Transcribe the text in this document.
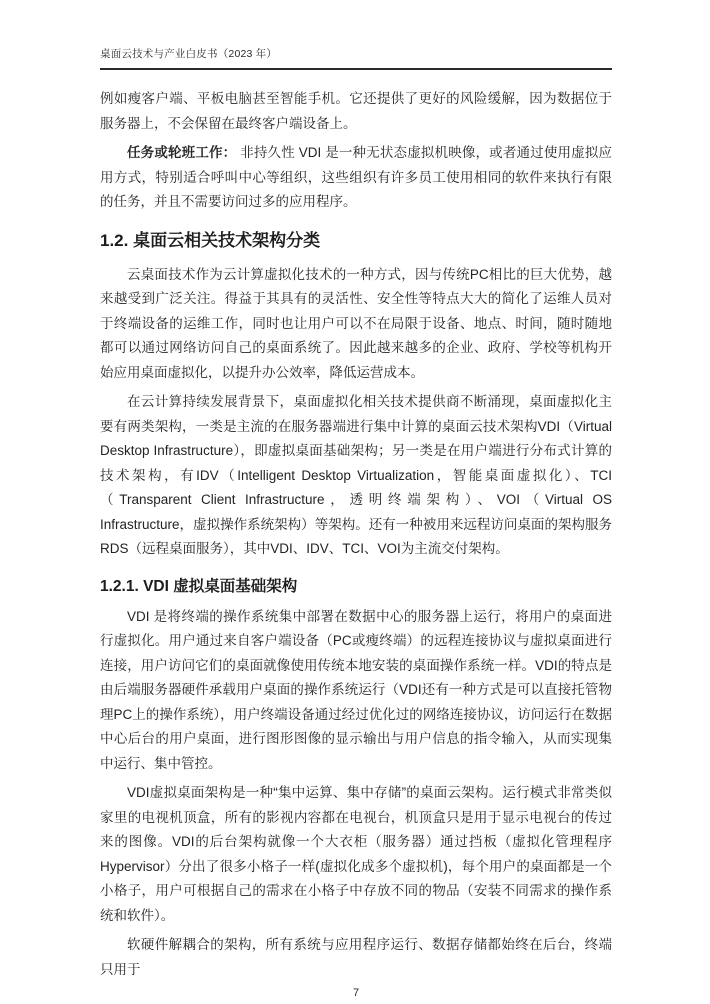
桌面云技术与产业白皮书（2023 年）

例如瘦客户端、平板电脑甚至智能手机。它还提供了更好的风险缓解，因为数据位于服务器上，不会保留在最终客户端设备上。

任务或轮班工作： 非持久性 VDI 是一种无状态虚拟机映像，或者通过使用虚拟应用方式，特别适合呼叫中心等组织，这些组织有许多员工使用相同的软件来执行有限的任务，并且不需要访问过多的应用程序。

1.2. 桌面云相关技术架构分类

云桌面技术作为云计算虚拟化技术的一种方式，因与传统PC相比的巨大优势，越来越受到广泛关注。得益于其具有的灵活性、安全性等特点大大的简化了运维人员对于终端设备的运维工作，同时也让用户可以不在局限于设备、地点、时间，随时随地都可以通过网络访问自己的桌面系统了。因此越来越多的企业、政府、学校等机构开始应用桌面虚拟化，以提升办公效率，降低运营成本。

在云计算持续发展背景下，桌面虚拟化相关技术提供商不断涌现，桌面虚拟化主要有两类架构，一类是主流的在服务器端进行集中计算的桌面云技术架构VDI（Virtual Desktop Infrastructure），即虚拟桌面基础架构；另一类是在用户端进行分布式计算的技术架构，有IDV（Intelligent Desktop Virtualization，智能桌面虚拟化）、TCI（Transparent Client Infrastructure，透明终端架构）、VOI（Virtual OS Infrastructure，虚拟操作系统架构）等架构。还有一种被用来远程访问桌面的架构服务RDS（远程桌面服务），其中VDI、IDV、TCI、VOI为主流交付架构。

1.2.1. VDI 虚拟桌面基础架构

VDI 是将终端的操作系统集中部署在数据中心的服务器上运行，将用户的桌面进行虚拟化。用户通过来自客户端设备（PC或瘦终端）的远程连接协议与虚拟桌面进行连接，用户访问它们的桌面就像使用传统本地安装的桌面操作系统一样。VDI的特点是由后端服务器硬件承载用户桌面的操作系统运行（VDI还有一种方式是可以直接托管物理PC上的操作系统），用户终端设备通过经过优化过的网络连接协议，访问运行在数据中心后台的用户桌面，进行图形图像的显示输出与用户信息的指令输入，从而实现集中运行、集中管控。

VDI虚拟桌面架构是一种“集中运算、集中存储”的桌面云架构。运行模式非常类似家里的电视机顶盒，所有的影视内容都在电视台，机顶盒只是用于显示电视台的传过来的图像。VDI的后台架构就像一个大衣柜（服务器）通过挡板（虚拟化管理程序Hypervisor）分出了很多小格子一样(虚拟化成多个虚拟机)，每个用户的桌面都是一个小格子，用户可根据自己的需求在小格子中存放不同的物品（安装不同需求的操作系统和软件）。

软硬件解耦合的架构，所有系统与应用程序运行、数据存储都始终在后台，终端只用于

7
